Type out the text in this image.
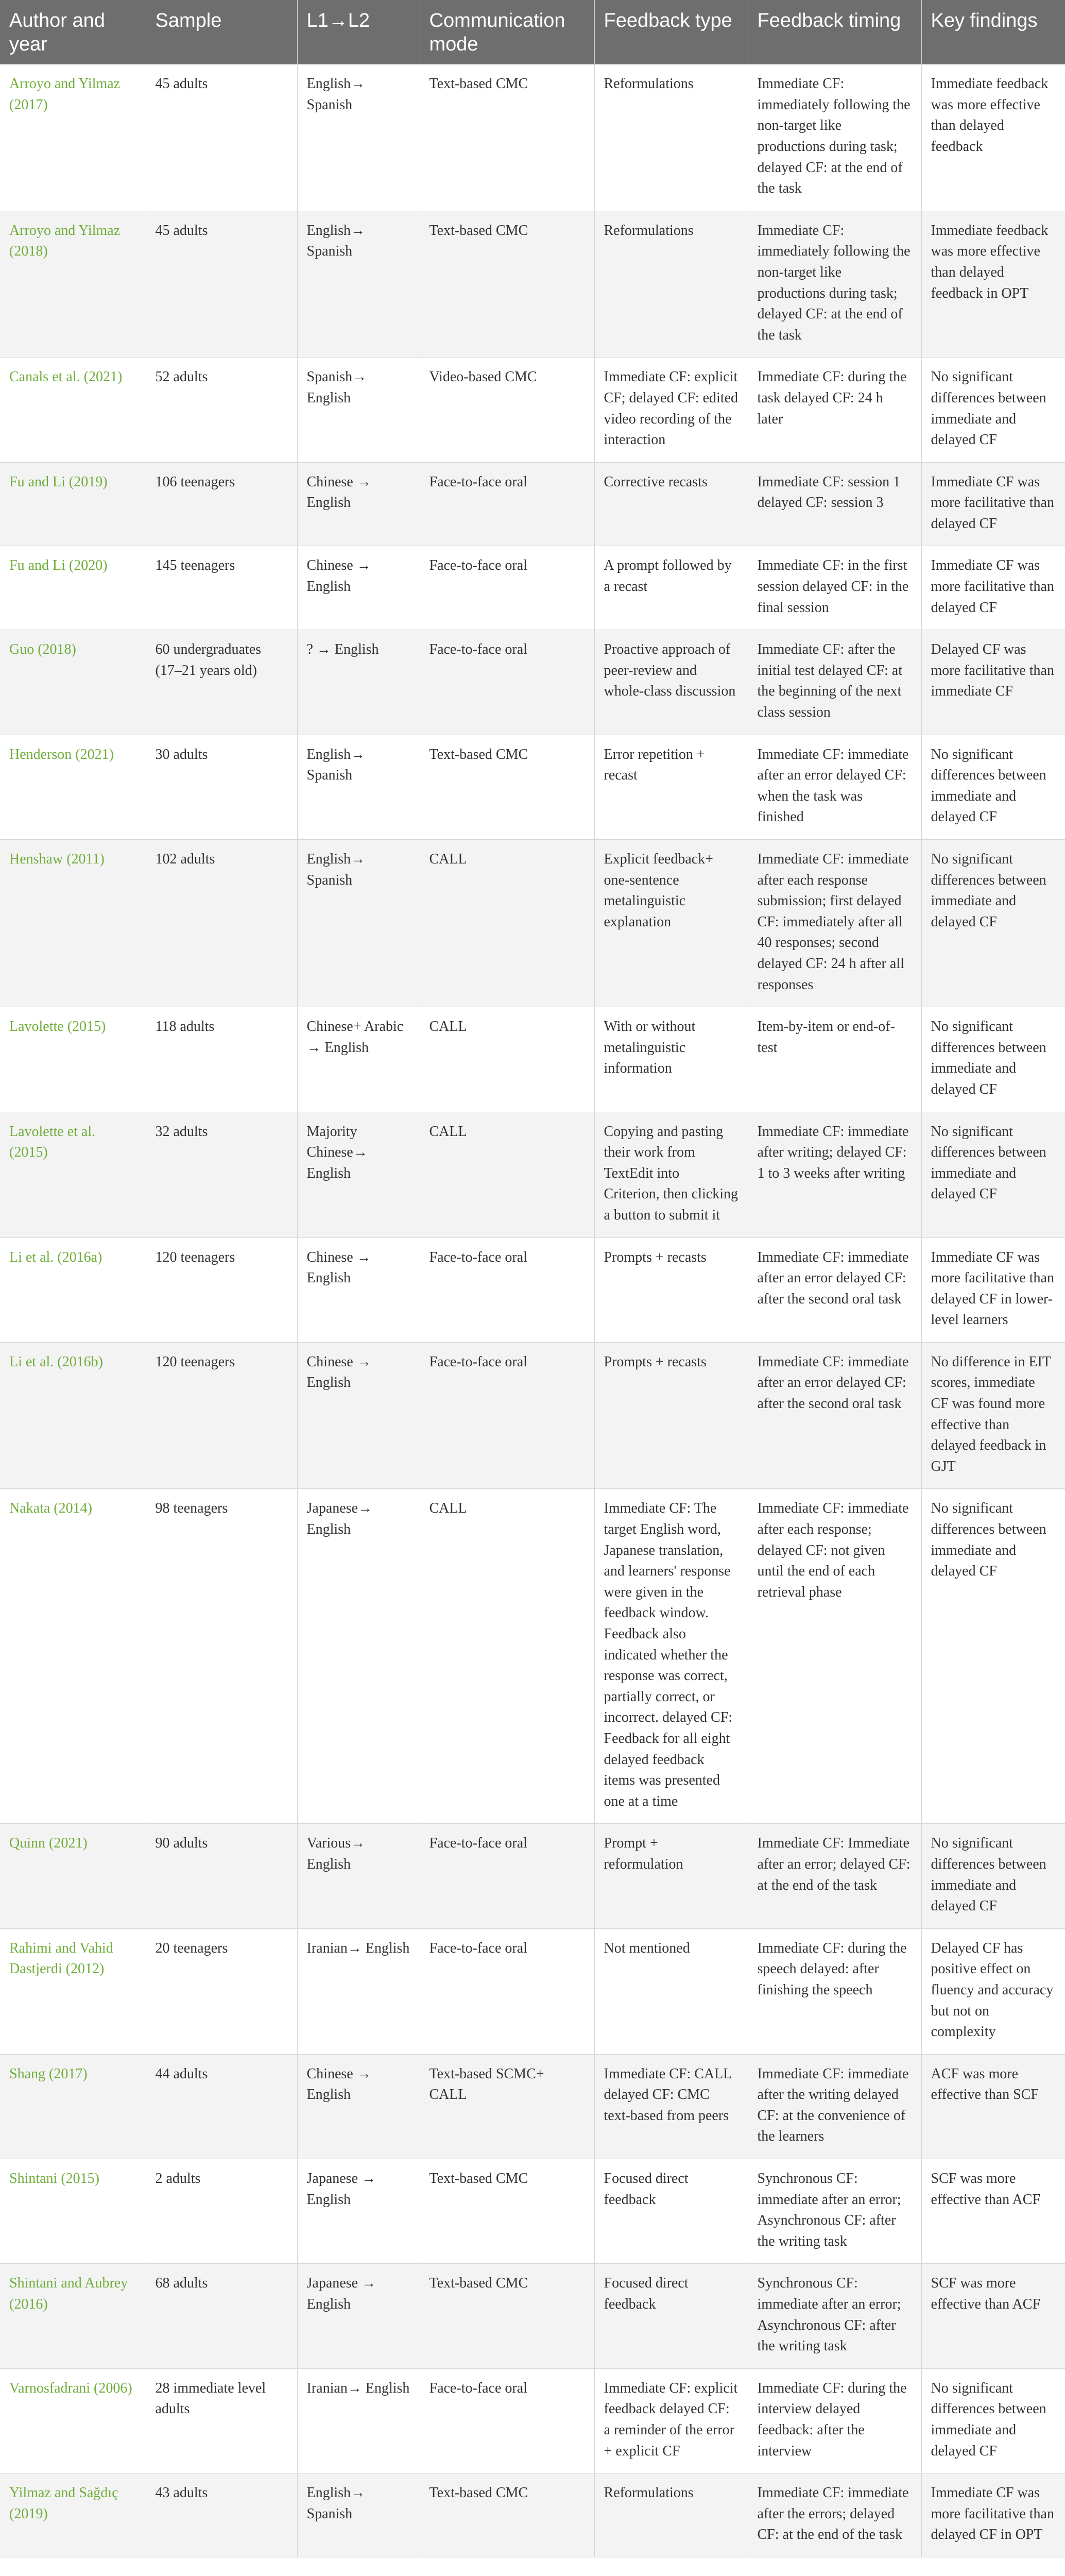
Author and year	Sample	L1→L2	Communication mode	Feedback type	Feedback timing	Key findings
Arroyo and Yilmaz (2017)	45 adults	English→ Spanish	Text-based CMC	Reformulations	Immediate CF: immediately following the non-target like productions during task; delayed CF: at the end of the task	Immediate feedback was more effective than delayed feedback
Arroyo and Yilmaz (2018)	45 adults	English→ Spanish	Text-based CMC	Reformulations	Immediate CF: immediately following the non-target like productions during task; delayed CF: at the end of the task	Immediate feedback was more effective than delayed feedback in OPT
Canals et al. (2021)	52 adults	Spanish→ English	Video-based CMC	Immediate CF: explicit CF; delayed CF: edited video recording of the interaction	Immediate CF: during the task delayed CF: 24 h later	No significant differences between immediate and delayed CF
Fu and Li (2019)	106 teenagers	Chinese → English	Face-to-face oral	Corrective recasts	Immediate CF: session 1 delayed CF: session 3	Immediate CF was more facilitative than delayed CF
Fu and Li (2020)	145 teenagers	Chinese → English	Face-to-face oral	A prompt followed by a recast	Immediate CF: in the first session delayed CF: in the final session	Immediate CF was more facilitative than delayed CF
Guo (2018)	60 undergraduates (17–21 years old)	? → English	Face-to-face oral	Proactive approach of peer-review and whole-class discussion	Immediate CF: after the initial test delayed CF: at the beginning of the next class session	Delayed CF was more facilitative than immediate CF
Henderson (2021)	30 adults	English→ Spanish	Text-based CMC	Error repetition + recast	Immediate CF: immediate after an error delayed CF: when the task was finished	No significant differences between immediate and delayed CF
Henshaw (2011)	102 adults	English→ Spanish	CALL	Explicit feedback+ one-sentence metalinguistic explanation	Immediate CF: immediate after each response submission; first delayed CF: immediately after all 40 responses; second delayed CF: 24 h after all responses	No significant differences between immediate and delayed CF
Lavolette (2015)	118 adults	Chinese+ Arabic → English	CALL	With or without metalinguistic information	Item-by-item or end-of-test	No significant differences between immediate and delayed CF
Lavolette et al. (2015)	32 adults	Majority Chinese→ English	CALL	Copying and pasting their work from TextEdit into Criterion, then clicking a button to submit it	Immediate CF: immediate after writing; delayed CF: 1 to 3 weeks after writing	No significant differences between immediate and delayed CF
Li et al. (2016a)	120 teenagers	Chinese → English	Face-to-face oral	Prompts + recasts	Immediate CF: immediate after an error delayed CF: after the second oral task	Immediate CF was more facilitative than delayed CF in lower-level learners
Li et al. (2016b)	120 teenagers	Chinese → English	Face-to-face oral	Prompts + recasts	Immediate CF: immediate after an error delayed CF: after the second oral task	No difference in EIT scores, immediate CF was found more effective than delayed feedback in GJT
Nakata (2014)	98 teenagers	Japanese→ English	CALL	Immediate CF: The target English word, Japanese translation, and learners' response were given in the feedback window. Feedback also indicated whether the response was correct, partially correct, or incorrect. delayed CF: Feedback for all eight delayed feedback items was presented one at a time	Immediate CF: immediate after each response; delayed CF: not given until the end of each retrieval phase	No significant differences between immediate and delayed CF
Quinn (2021)	90 adults	Various→ English	Face-to-face oral	Prompt + reformulation	Immediate CF: Immediate after an error; delayed CF: at the end of the task	No significant differences between immediate and delayed CF
Rahimi and Vahid Dastjerdi (2012)	20 teenagers	Iranian→ English	Face-to-face oral	Not mentioned	Immediate CF: during the speech delayed: after finishing the speech	Delayed CF has positive effect on fluency and accuracy but not on complexity
Shang (2017)	44 adults	Chinese → English	Text-based SCMC+ CALL	Immediate CF: CALL delayed CF: CMC text-based from peers	Immediate CF: immediate after the writing delayed CF: at the convenience of the learners	ACF was more effective than SCF
Shintani (2015)	2 adults	Japanese → English	Text-based CMC	Focused direct feedback	Synchronous CF: immediate after an error; Asynchronous CF: after the writing task	SCF was more effective than ACF
Shintani and Aubrey (2016)	68 adults	Japanese → English	Text-based CMC	Focused direct feedback	Synchronous CF: immediate after an error; Asynchronous CF: after the writing task	SCF was more effective than ACF
Varnosfadrani (2006)	28 immediate level adults	Iranian→ English	Face-to-face oral	Immediate CF: explicit feedback delayed CF: a reminder of the error + explicit CF	Immediate CF: during the interview delayed feedback: after the interview	No significant differences between immediate and delayed CF
Yilmaz and Sağdıç (2019)	43 adults	English→ Spanish	Text-based CMC	Reformulations	Immediate CF: immediate after the errors; delayed CF: at the end of the task	Immediate CF was more facilitative than delayed CF in OPT
